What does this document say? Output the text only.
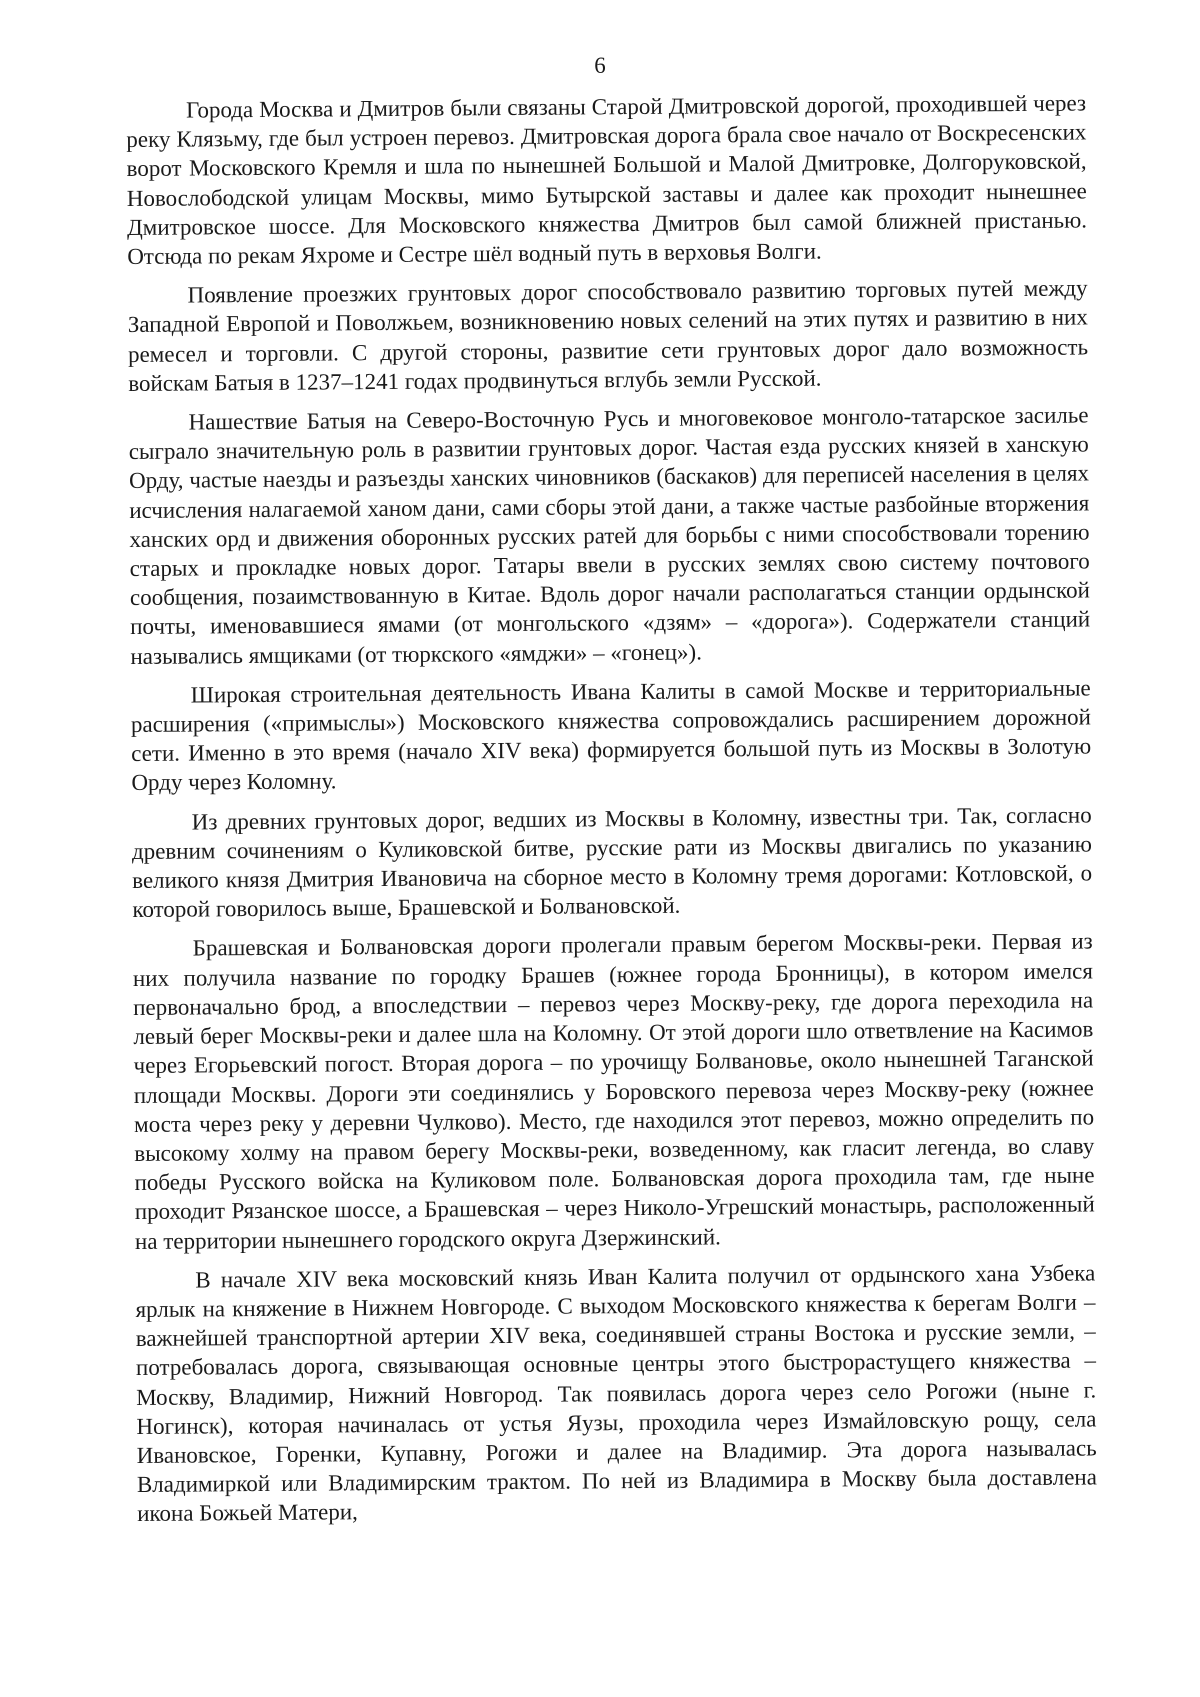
6

Города Москва и Дмитров были связаны Старой Дмитровской дорогой, проходившей через реку Клязьму, где был устроен перевоз. Дмитровская дорога брала свое начало от Воскресенских ворот Московского Кремля и шла по нынешней Большой и Малой Дмитровке, Долгоруковской, Новослободской улицам Москвы, мимо Бутырской заставы и далее как проходит нынешнее Дмитровское шоссе. Для Московского княжества Дмитров был самой ближней пристанью. Отсюда по рекам Яхроме и Сестре шёл водный путь в верховья Волги.

Появление проезжих грунтовых дорог способствовало развитию торговых путей между Западной Европой и Поволжьем, возникновению новых селений на этих путях и развитию в них ремесел и торговли. С другой стороны, развитие сети грунтовых дорог дало возможность войскам Батыя в 1237–1241 годах продвинуться вглубь земли Русской.

Нашествие Батыя на Северо-Восточную Русь и многовековое монголо-татарское засилье сыграло значительную роль в развитии грунтовых дорог. Частая езда русских князей в ханскую Орду, частые наезды и разъезды ханских чиновников (баскаков) для переписей населения в целях исчисления налагаемой ханом дани, сами сборы этой дани, а также частые разбойные вторжения ханских орд и движения оборонных русских ратей для борьбы с ними способствовали торению старых и прокладке новых дорог. Татары ввели в русских землях свою систему почтового сообщения, позаимствованную в Китае. Вдоль дорог начали располагаться станции ордынской почты, именовавшиеся ямами (от монгольского «дзям» – «дорога»). Содержатели станций назывались ямщиками (от тюркского «ямджи» – «гонец»).

Широкая строительная деятельность Ивана Калиты в самой Москве и территориальные расширения («примыслы») Московского княжества сопровождались расширением дорожной сети. Именно в это время (начало XIV века) формируется большой путь из Москвы в Золотую Орду через Коломну.

Из древних грунтовых дорог, ведших из Москвы в Коломну, известны три. Так, согласно древним сочинениям о Куликовской битве, русские рати из Москвы двигались по указанию великого князя Дмитрия Ивановича на сборное место в Коломну тремя дорогами: Котловской, о которой говорилось выше, Брашевской и Болвановской.

Брашевская и Болвановская дороги пролегали правым берегом Москвы-реки. Первая из них получила название по городку Брашев (южнее города Бронницы), в котором имелся первоначально брод, а впоследствии – перевоз через Москву-реку, где дорога переходила на левый берег Москвы-реки и далее шла на Коломну. От этой дороги шло ответвление на Касимов через Егорьевский погост. Вторая дорога – по урочищу Болвановье, около нынешней Таганской площади Москвы. Дороги эти соединялись у Боровского перевоза через Москву-реку (южнее моста через реку у деревни Чулково). Место, где находился этот перевоз, можно определить по высокому холму на правом берегу Москвы-реки, возведенному, как гласит легенда, во славу победы Русского войска на Куликовом поле. Болвановская дорога проходила там, где ныне проходит Рязанское шоссе, а Брашевская – через Николо-Угрешский монастырь, расположенный на территории нынешнего городского округа Дзержинский.

В начале XIV века московский князь Иван Калита получил от ордынского хана Узбека ярлык на княжение в Нижнем Новгороде. С выходом Московского княжества к берегам Волги – важнейшей транспортной артерии XIV века, соединявшей страны Востока и русские земли, – потребовалась дорога, связывающая основные центры этого быстрорастущего княжества – Москву, Владимир, Нижний Новгород. Так появилась дорога через село Рогожи (ныне г. Ногинск), которая начиналась от устья Яузы, проходила через Измайловскую рощу, села Ивановское, Горенки, Купавну, Рогожи и далее на Владимир. Эта дорога называлась Владимиркой или Владимирским трактом. По ней из Владимира в Москву была доставлена икона Божьей Матери,
